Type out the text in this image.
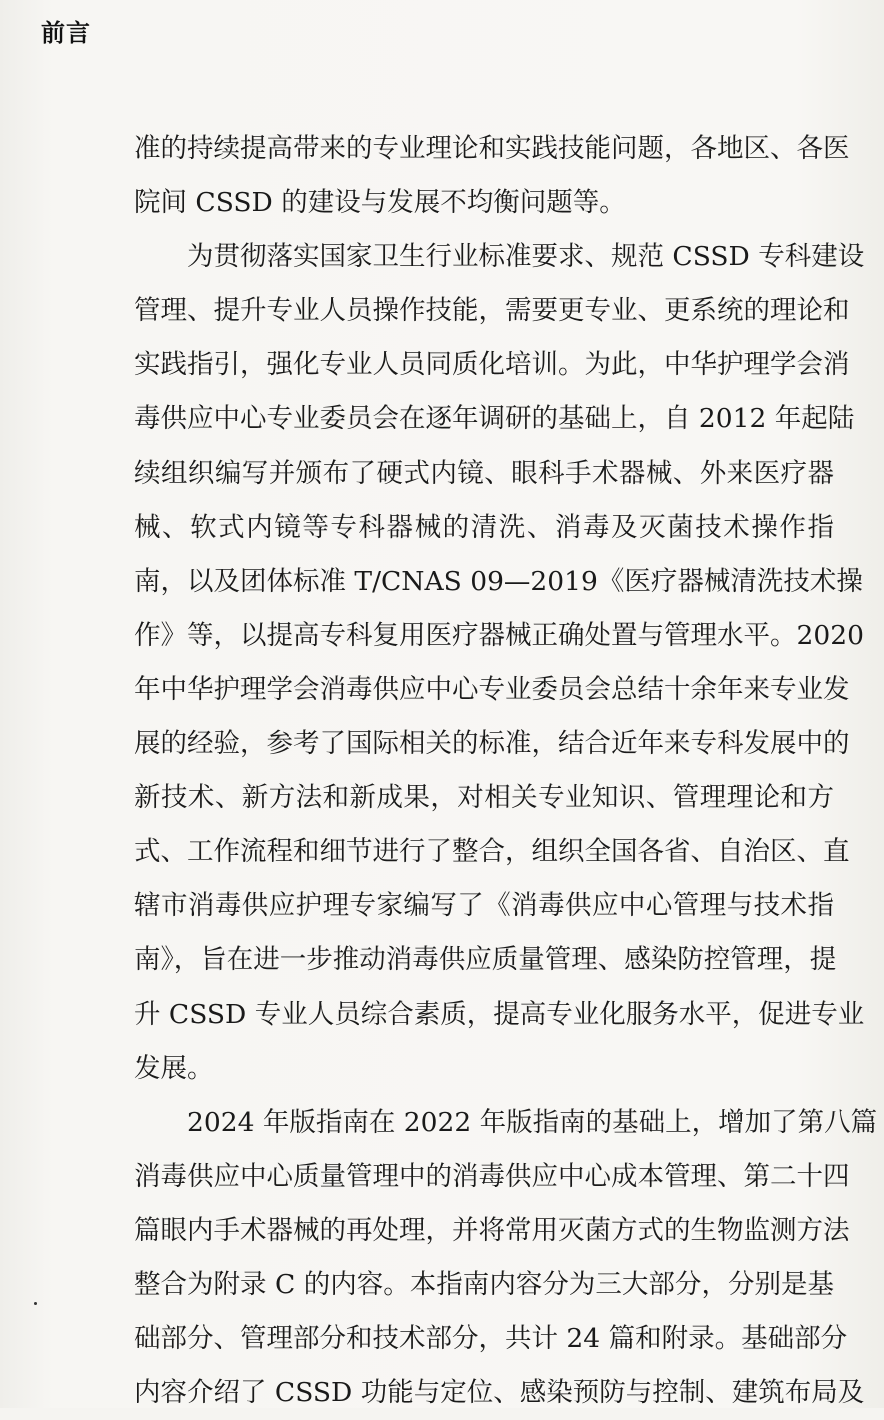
前言
准的持续提高带来的专业理论和实践技能问题，各地区、各医
院间 CSSD 的建设与发展不均衡问题等。
为贯彻落实国家卫生行业标准要求、规范 CSSD 专科建设
管理、提升专业人员操作技能，需要更专业、更系统的理论和
实践指引，强化专业人员同质化培训。为此，中华护理学会消
毒供应中心专业委员会在逐年调研的基础上，自 2012 年起陆
续组织编写并颁布了硬式内镜、眼科手术器械、外来医疗器
械、软式内镜等专科器械的清洗、消毒及灭菌技术操作指
南，以及团体标准 T/CNAS 09—2019《医疗器械清洗技术操
作》等，以提高专科复用医疗器械正确处置与管理水平。2020
年中华护理学会消毒供应中心专业委员会总结十余年来专业发
展的经验，参考了国际相关的标准，结合近年来专科发展中的
新技术、新方法和新成果，对相关专业知识、管理理论和方
式、工作流程和细节进行了整合，组织全国各省、自治区、直
辖市消毒供应护理专家编写了《消毒供应中心管理与技术指
南》，旨在进一步推动消毒供应质量管理、感染防控管理，提
升 CSSD 专业人员综合素质，提高专业化服务水平，促进专业
发展。
2024 年版指南在 2022 年版指南的基础上，增加了第八篇
消毒供应中心质量管理中的消毒供应中心成本管理、第二十四
篇眼内手术器械的再处理，并将常用灭菌方式的生物监测方法
整合为附录 C 的内容。本指南内容分为三大部分，分别是基
础部分、管理部分和技术部分，共计 24 篇和附录。基础部分
内容介绍了 CSSD 功能与定位、感染预防与控制、建筑布局及
